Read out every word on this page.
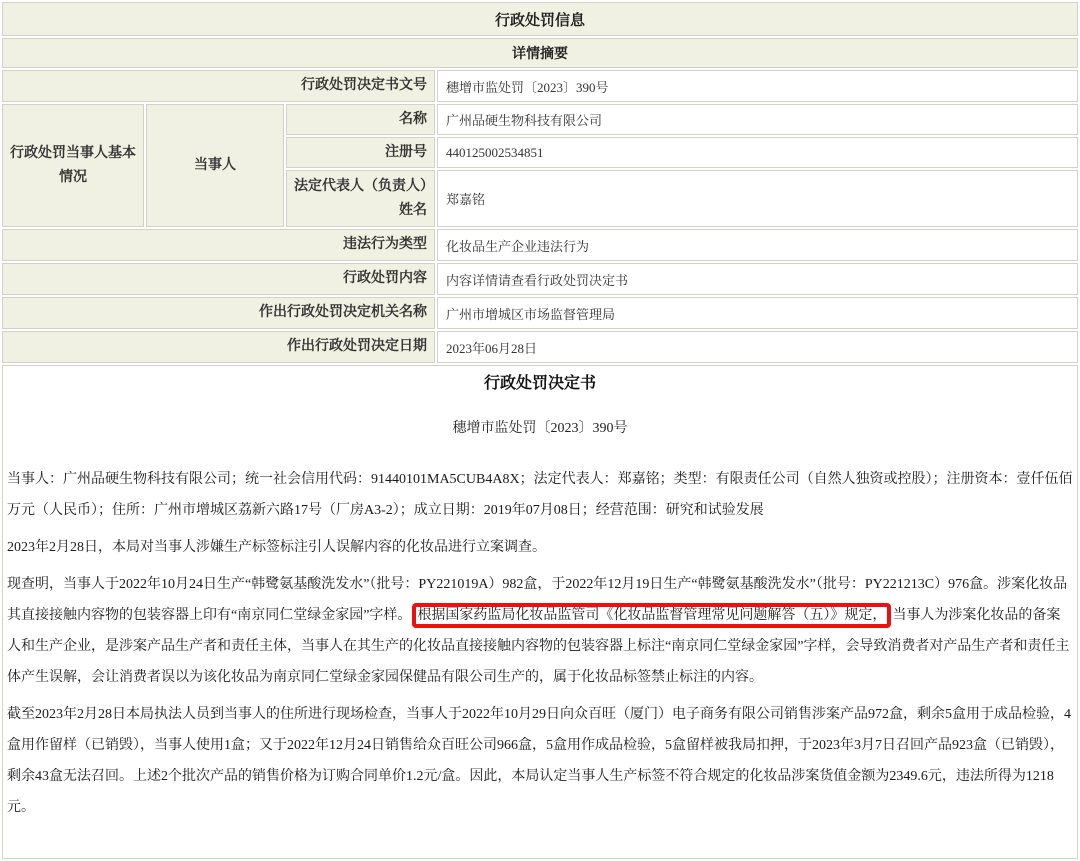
行政处罚信息			
详情摘要			
行政处罚决定书文号			穗增市监处罚〔2023〕390号
行政处罚当事人基本情况	当事人	名称	广州品硬生物科技有限公司
		注册号	440125002534851
		法定代表人（负责人）姓名	郑嘉铭
违法行为类型			化妆品生产企业违法行为
行政处罚内容			内容详情请查看行政处罚决定书
作出行政处罚决定机关名称			广州市增城区市场监督管理局
作出行政处罚决定日期			2023年06月28日

行政处罚决定书
穗增市监处罚〔2023〕390号

当事人：广州品硬生物科技有限公司；统一社会信用代码：91440101MA5CUB4A8X；法定代表人：郑嘉铭；类型：有限责任公司（自然人独资或控股）；注册资本：壹仟伍佰万元（人民币）；住所：广州市增城区荔新六路17号（厂房A3-2）；成立日期：2019年07月08日；经营范围：研究和试验发展

2023年2月28日，本局对当事人涉嫌生产标签标注引人误解内容的化妆品进行立案调查。

现查明，当事人于2022年10月24日生产“韩鹭氨基酸洗发水”（批号：PY221019A）982盒，于2022年12月19日生产“韩鹭氨基酸洗发水”（批号：PY221213C）976盒。涉案化妆品其直接接触内容物的包装容器上印有“南京同仁堂绿金家园”字样。 根据国家药监局化妆品监管司《化妆品监督管理常见问题解答（五）》规定， 当事人为涉案化妆品的备案人和生产企业，是涉案产品生产者和责任主体，当事人在其生产的化妆品直接接触内容物的包装容器上标注“南京同仁堂绿金家园”字样，会导致消费者对产品生产者和责任主体产生误解，会让消费者误以为该化妆品为南京同仁堂绿金家园保健品有限公司生产的，属于化妆品标签禁止标注的内容。

截至2023年2月28日本局执法人员到当事人的住所进行现场检查，当事人于2022年10月29日向众百旺（厦门）电子商务有限公司销售涉案产品972盒，剩余5盒用于成品检验，4盒用作留样（已销毁），当事人使用1盒；又于2022年12月24日销售给众百旺公司966盒，5盒用作成品检验，5盒留样被我局扣押，于2023年3月7日召回产品923盒（已销毁），剩余43盒无法召回。上述2个批次产品的销售价格为订购合同单价1.2元/盒。因此，本局认定当事人生产标签不符合规定的化妆品涉案货值金额为2349.6元，违法所得为1218元。
